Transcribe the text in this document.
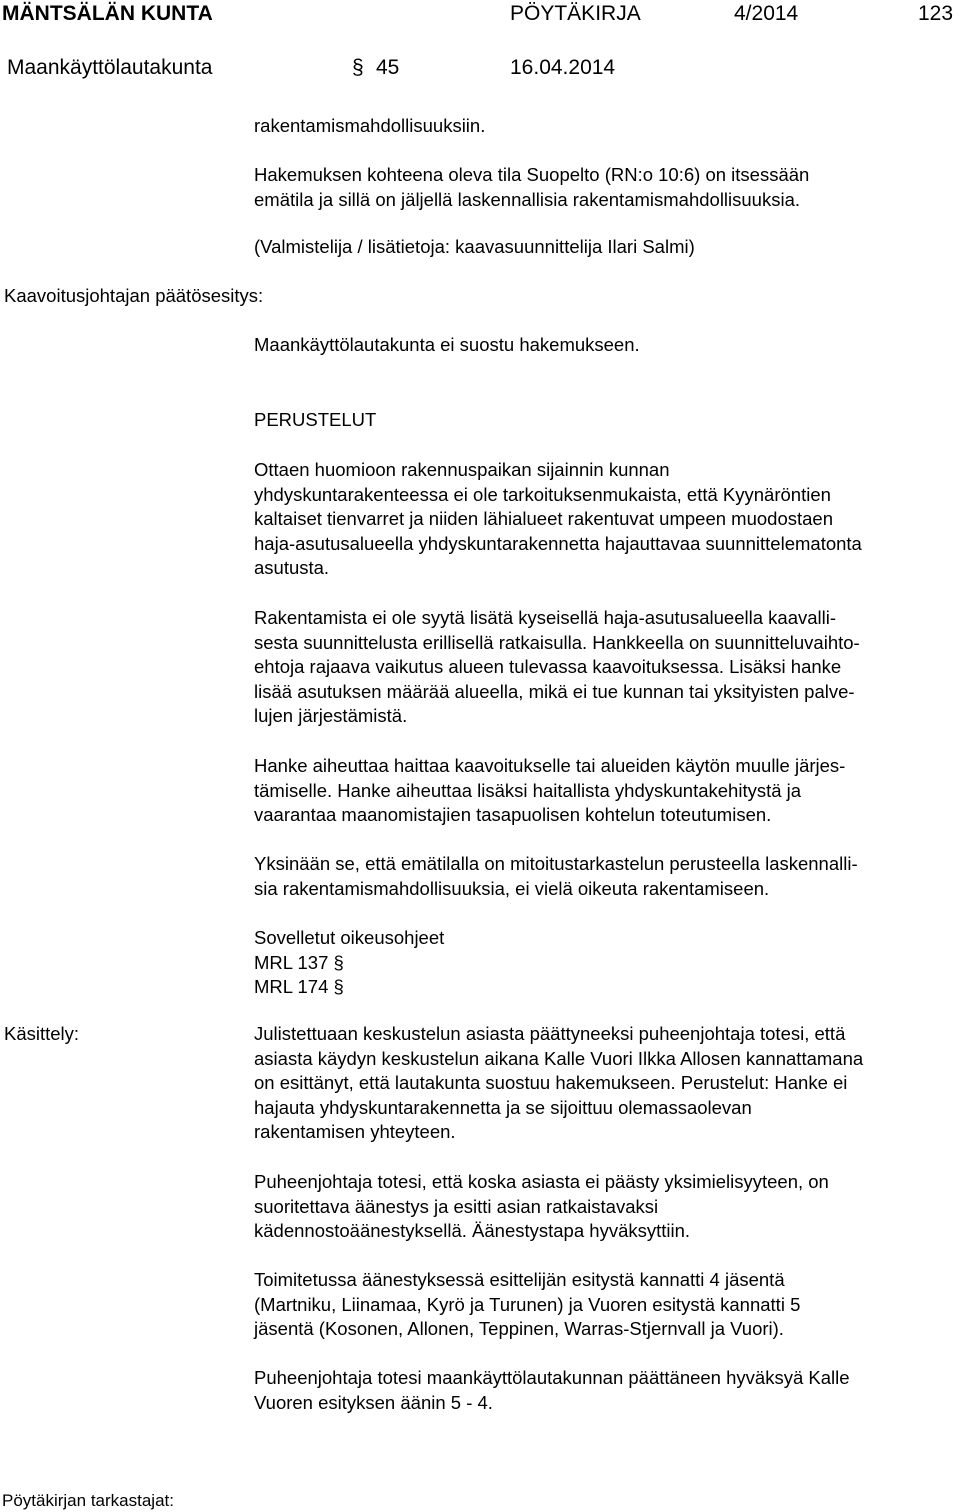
MÄNTSÄLÄN KUNTA	PÖYTÄKIRJA	4/2014	123
Maankäyttölautakunta	§ 45	16.04.2014
rakentamismahdollisuuksiin.
Hakemuksen kohteena oleva tila Suopelto (RN:o 10:6) on itsessään
emätila ja sillä on jäljellä laskennallisia rakentamismahdollisuuksia.
(Valmistelija / lisätietoja: kaavasuunnittelija Ilari Salmi)
Kaavoitusjohtajan päätösesitys:
Maankäyttölautakunta ei suostu hakemukseen.
PERUSTELUT
Ottaen huomioon rakennuspaikan sijainnin kunnan
yhdyskuntarakenteessa ei ole tarkoituksenmukaista, että Kyynäröntien
kaltaiset tienvarret ja niiden lähialueet rakentuvat umpeen muodostaen
haja-asutusalueella yhdyskuntarakennetta hajauttavaa suunnittelematonta
asutusta.
Rakentamista ei ole syytä lisätä kyseisellä haja-asutusalueella kaavalli-
sesta suunnittelusta erillisellä ratkaisulla. Hankkeella on suunnitteluvaihto-
ehtoja rajaava vaikutus alueen tulevassa kaavoituksessa. Lisäksi hanke
lisää asutuksen määrää alueella, mikä ei tue kunnan tai yksityisten palve-
lujen järjestämistä.
Hanke aiheuttaa haittaa kaavoitukselle tai alueiden käytön muulle järjes-
tämiselle. Hanke aiheuttaa lisäksi haitallista yhdyskuntakehitystä ja
vaarantaa maanomistajien tasapuolisen kohtelun toteutumisen.
Yksinään se, että emätilalla on mitoitustarkastelun perusteella laskennalli-
sia rakentamismahdollisuuksia, ei vielä oikeuta rakentamiseen.
Sovelletut oikeusohjeet
MRL 137 §
MRL 174 §
Käsittely:	Julistettuaan keskustelun asiasta päättyneeksi puheenjohtaja totesi, että
asiasta käydyn keskustelun aikana Kalle Vuori Ilkka Allosen kannattamana
on esittänyt, että lautakunta suostuu hakemukseen. Perustelut: Hanke ei
hajauta yhdyskuntarakennetta ja se sijoittuu olemassaolevan
rakentamisen yhteyteen.
Puheenjohtaja totesi, että koska asiasta ei päästy yksimielisyyteen, on
suoritettava äänestys ja esitti asian ratkaistavaksi
kädennostoäänestyksellä. Äänestystapa hyväksyttiin.
Toimitetussa äänestyksessä esittelijän esitystä kannatti 4 jäsentä
(Martniku, Liinamaa, Kyrö ja Turunen) ja Vuoren esitystä kannatti 5
jäsentä (Kosonen, Allonen, Teppinen, Warras-Stjernvall ja Vuori).
Puheenjohtaja totesi maankäyttölautakunnan päättäneen hyväksyä Kalle
Vuoren esityksen äänin 5 - 4.
Pöytäkirjan tarkastajat:
